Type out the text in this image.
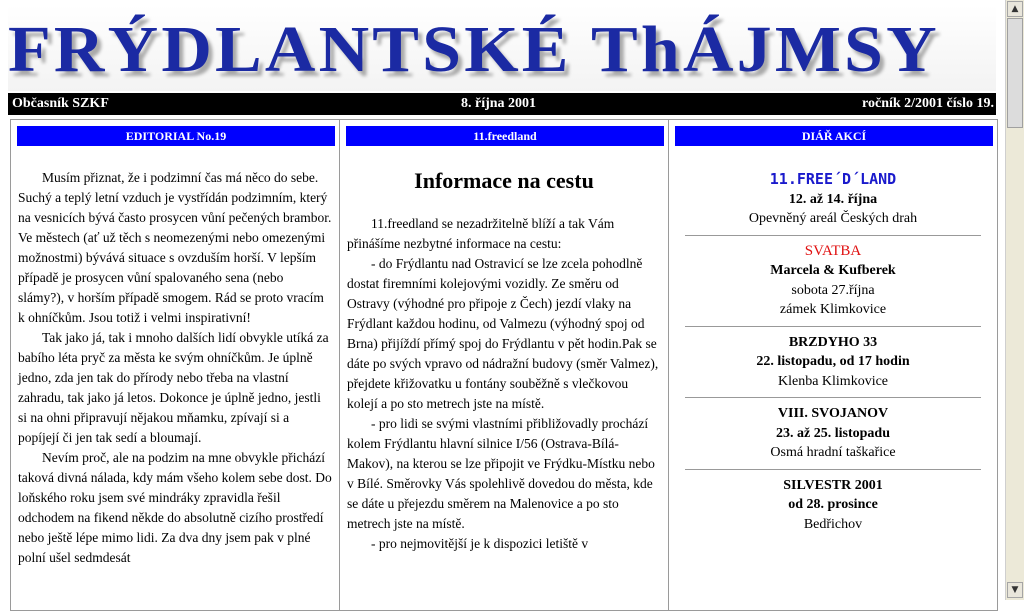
FRÝDLANTSKÉ ThÁJMSY
Občasník SZKF	8. října 2001	ročník 2/2001 číslo 19.
EDITORIAL No.19

Musím přiznat, že i podzimní čas má něco do sebe. Suchý a teplý letní vzduch je vystřídán podzimním, který na vesnicích bývá často prosycen vůní pečených brambor. Ve městech (ať už těch s neomezenými nebo omezenými možnostmi) bývává situace s ovzduším horší. V lepším případě je prosycen vůní spalovaného sena (nebo slámy?), v horším případě smogem. Rád se proto vracím k ohníčkům. Jsou totiž i velmi inspirativní!

Tak jako já, tak i mnoho dalších lidí obvykle utíká za babího léta pryč za města ke svým ohníčkům. Je úplně jedno, zda jen tak do přírody nebo třeba na vlastní zahradu, tak jako já letos. Dokonce je úplně jedno, jestli si na ohni připravují nějakou mňamku, zpívají si a popíjejí či jen tak sedí a bloumají.

Nevím proč, ale na podzim na mne obvykle přichází taková divná nálada, kdy mám všeho kolem sebe dost. Do loňského roku jsem své mindráky zpravidla řešil odchodem na fikend někde do absolutně cizího prostředí nebo ještě lépe mimo lidi. Za dva dny jsem pak v plné polní ušel sedmdesát

11.freedland
Informace na cestu

11.freedland se nezadržitelně blíží a tak Vám přinášíme nezbytné informace na cestu:

- do Frýdlantu nad Ostravicí se lze zcela pohodlně dostat firemními kolejovými vozidly. Ze směru od Ostravy (výhodné pro připoje z Čech) jezdí vlaky na Frýdlant každou hodinu, od Valmezu (výhodný spoj od Brna) přijíždí přímý spoj do Frýdlantu v pět hodin.Pak se dáte po svých vpravo od nádražní budovy (směr Valmez), přejdete křižovatku u fontány souběžně s vlečkovou kolejí a po sto metrech jste na místě.

- pro lidi se svými vlastními přibližovadly prochází kolem Frýdlantu hlavní silnice I/56 (Ostrava-Bílá-Makov), na kterou se lze připojit ve Frýdku-Místku nebo v Bílé. Směrovky Vás spolehlivě dovedou do města, kde se dáte u přejezdu směrem na Malenovice a po sto metrech jste na místě.

- pro nejmovitější je k dispozici letiště v

DIÁŘ AKCÍ
11.FREE´D´LAND
12. až 14. října
Opevněný areál Českých drah
SVATBA
Marcela & Kufberek
sobota 27.října
zámek Klimkovice
BRZDYHO 33
22. listopadu, od 17 hodin
Klenba Klimkovice
VIII. SVOJANOV
23. až 25. listopadu
Osmá hradní taškařice
SILVESTR 2001
od 28. prosince
Bedřichov
▲
▼
